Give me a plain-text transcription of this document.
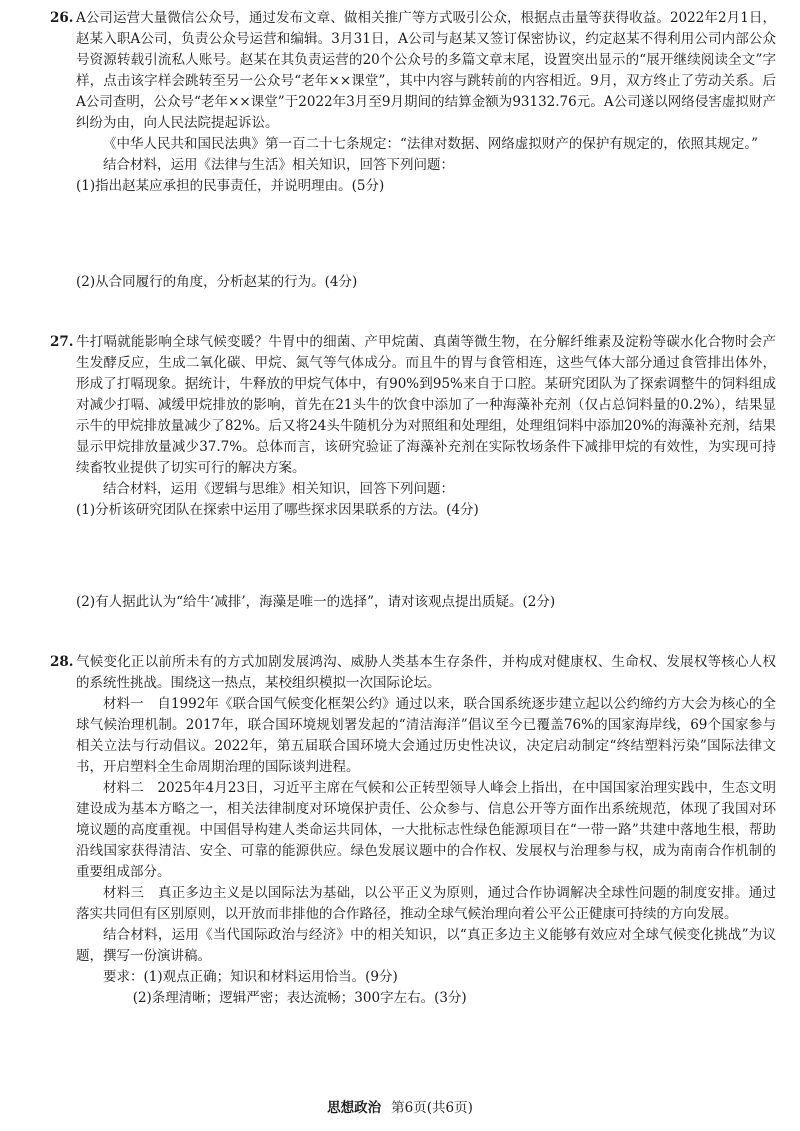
26. A公司运营大量微信公众号，通过发布文章、做相关推广等方式吸引公众，根据点击量等获得收益。2022年2月1日，赵某入职A公司，负责公众号运营和编辑。3月31日，A公司与赵某又签订保密协议，约定赵某不得利用公司内部公众号资源转载引流私人账号。赵某在其负责运营的20个公众号的多篇文章末尾，设置突出显示的“展开继续阅读全文”字样，点击该字样会跳转至另一公众号“老年××课堂”，其中内容与跳转前的内容相近。9月，双方终止了劳动关系。后A公司查明，公众号“老年××课堂”于2022年3月至9月期间的结算金额为93132.76元。A公司遂以网络侵害虚拟财产纠纷为由，向人民法院提起诉讼。

《中华人民共和国民法典》第一百二十七条规定：“法律对数据、网络虚拟财产的保护有规定的，依照其规定。”

结合材料，运用《法律与生活》相关知识，回答下列问题：

(1)指出赵某应承担的民事责任，并说明理由。(5分)

(2)从合同履行的角度，分析赵某的行为。(4分)
27. 牛打嗝就能影响全球气候变暖？牛胃中的细菌、产甲烷菌、真菌等微生物，在分解纤维素及淀粉等碳水化合物时会产生发酵反应，生成二氧化碳、甲烷、氮气等气体成分。而且牛的胃与食管相连，这些气体大部分通过食管排出体外，形成了打嗝现象。据统计，牛释放的甲烷气体中，有90%到95%来自于口腔。某研究团队为了探索调整牛的饲料组成对减少打嗝、减缓甲烷排放的影响，首先在21头牛的饮食中添加了一种海藻补充剂（仅占总饲料量的0.2%），结果显示牛的甲烷排放量减少了82%。后又将24头牛随机分为对照组和处理组，处理组饲料中添加20%的海藻补充剂，结果显示甲烷排放量减少37.7%。总体而言，该研究验证了海藻补充剂在实际牧场条件下减排甲烷的有效性，为实现可持续畜牧业提供了切实可行的解决方案。

结合材料，运用《逻辑与思维》相关知识，回答下列问题：

(1)分析该研究团队在探索中运用了哪些探求因果联系的方法。(4分)

(2)有人据此认为“给牛‘减排’，海藻是唯一的选择”，请对该观点提出质疑。(2分)
28. 气候变化正以前所未有的方式加剧发展鸿沟、威胁人类基本生存条件，并构成对健康权、生命权、发展权等核心人权的系统性挑战。围绕这一热点，某校组织模拟一次国际论坛。

材料一　自1992年《联合国气候变化框架公约》通过以来，联合国系统逐步建立起以公约缔约方大会为核心的全球气候治理机制。2017年，联合国环境规划署发起的“清洁海洋”倡议至今已覆盖76%的国家海岸线，69个国家参与相关立法与行动倡议。2022年，第五届联合国环境大会通过历史性决议，决定启动制定“终结塑料污染”国际法律文书，开启塑料全生命周期治理的国际谈判进程。

材料二　2025年4月23日，习近平主席在气候和公正转型领导人峰会上指出，在中国国家治理实践中，生态文明建设成为基本方略之一，相关法律制度对环境保护责任、公众参与、信息公开等方面作出系统规范，体现了我国对环境议题的高度重视。中国倡导构建人类命运共同体，一大批标志性绿色能源项目在“一带一路”共建中落地生根，帮助沿线国家获得清洁、安全、可靠的能源供应。绿色发展议题中的合作权、发展权与治理参与权，成为南南合作机制的重要组成部分。

材料三　真正多边主义是以国际法为基础，以公平正义为原则，通过合作协调解决全球性问题的制度安排。通过落实共同但有区别原则，以开放而非排他的合作路径，推动全球气候治理向着公平公正健康可持续的方向发展。

结合材料，运用《当代国际政治与经济》中的相关知识，以“真正多边主义能够有效应对全球气候变化挑战”为议题，撰写一份演讲稿。

要求：(1)观点正确；知识和材料运用恰当。(9分)

(2)条理清晰；逻辑严密；表达流畅；300字左右。(3分)

思想政治 第6页(共6页)
